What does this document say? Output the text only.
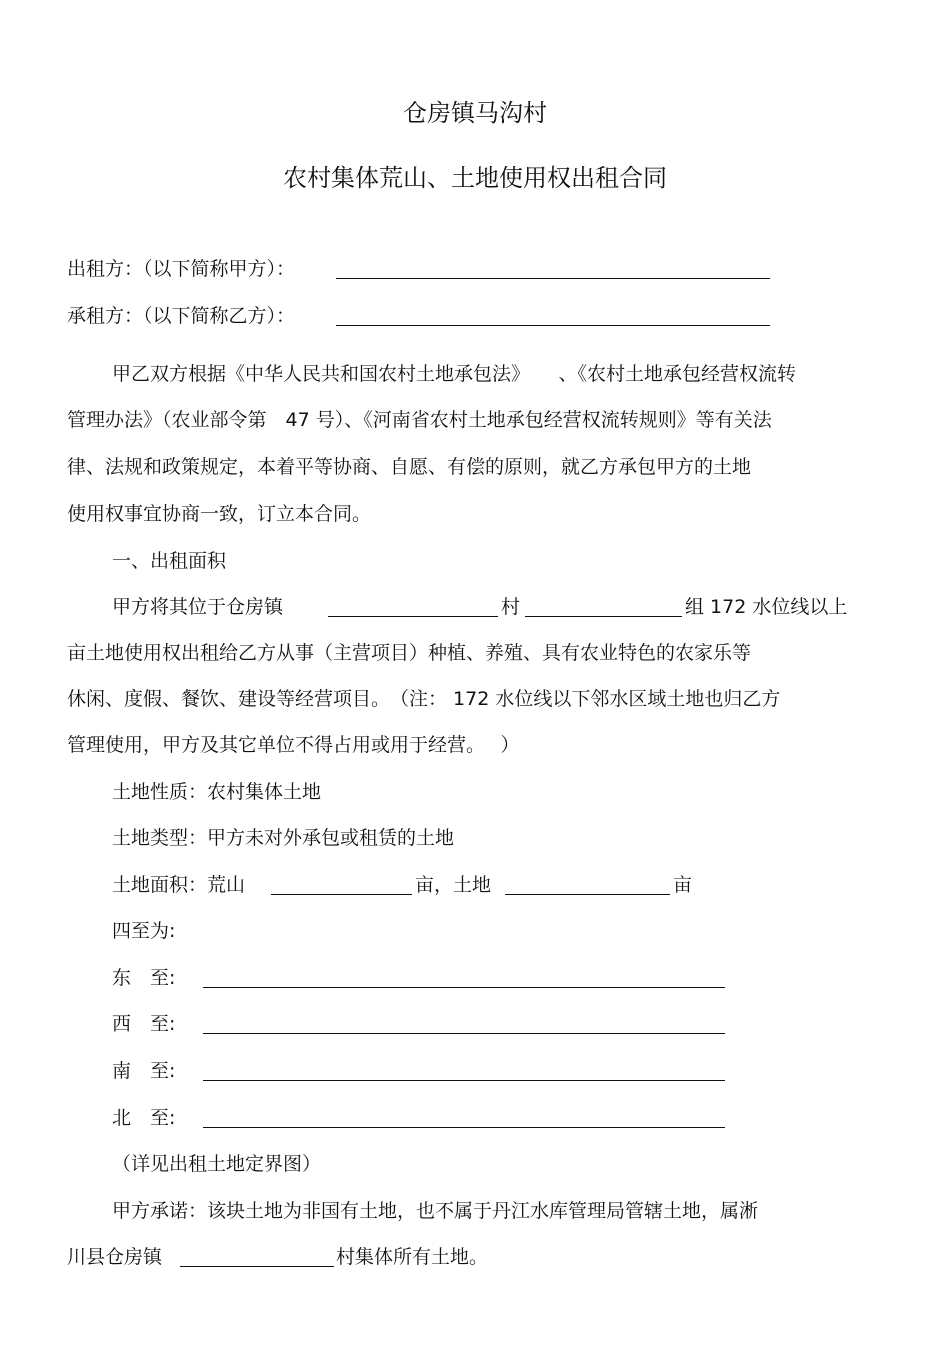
仓房镇马沟村
农村集体荒山、土地使用权出租合同
出租方：（以下简称甲方）：
承租方：（以下简称乙方）：
甲乙双方根据《中华人民共和国农村土地承包法》　　、《农村土地承包经营权流转
管理办法》（农业部令第　47 号）、《河南省农村土地承包经营权流转规则》等有关法
律、法规和政策规定，本着平等协商、自愿、有偿的原则，就乙方承包甲方的土地
使用权事宜协商一致，订立本合同。
一、出租面积
甲方将其位于仓房镇	村	组 172 水位线以上
亩土地使用权出租给乙方从事（主营项目）种植、养殖、具有农业特色的农家乐等
休闲、度假、餐饮、建设等经营项目。　（注： 172 水位线以下邻水区域土地也归乙方
管理使用，甲方及其它单位不得占用或用于经营。　 ）
土地性质：农村集体土地
土地类型：甲方未对外承包或租赁的土地
土地面积：荒山	亩，土地	亩
四至为:
东　至:
西　至:
南　至:
北　至:
（详见出租土地定界图）
甲方承诺：该块土地为非国有土地，也不属于丹江水库管理局管辖土地，属淅
川县仓房镇	村集体所有土地。
